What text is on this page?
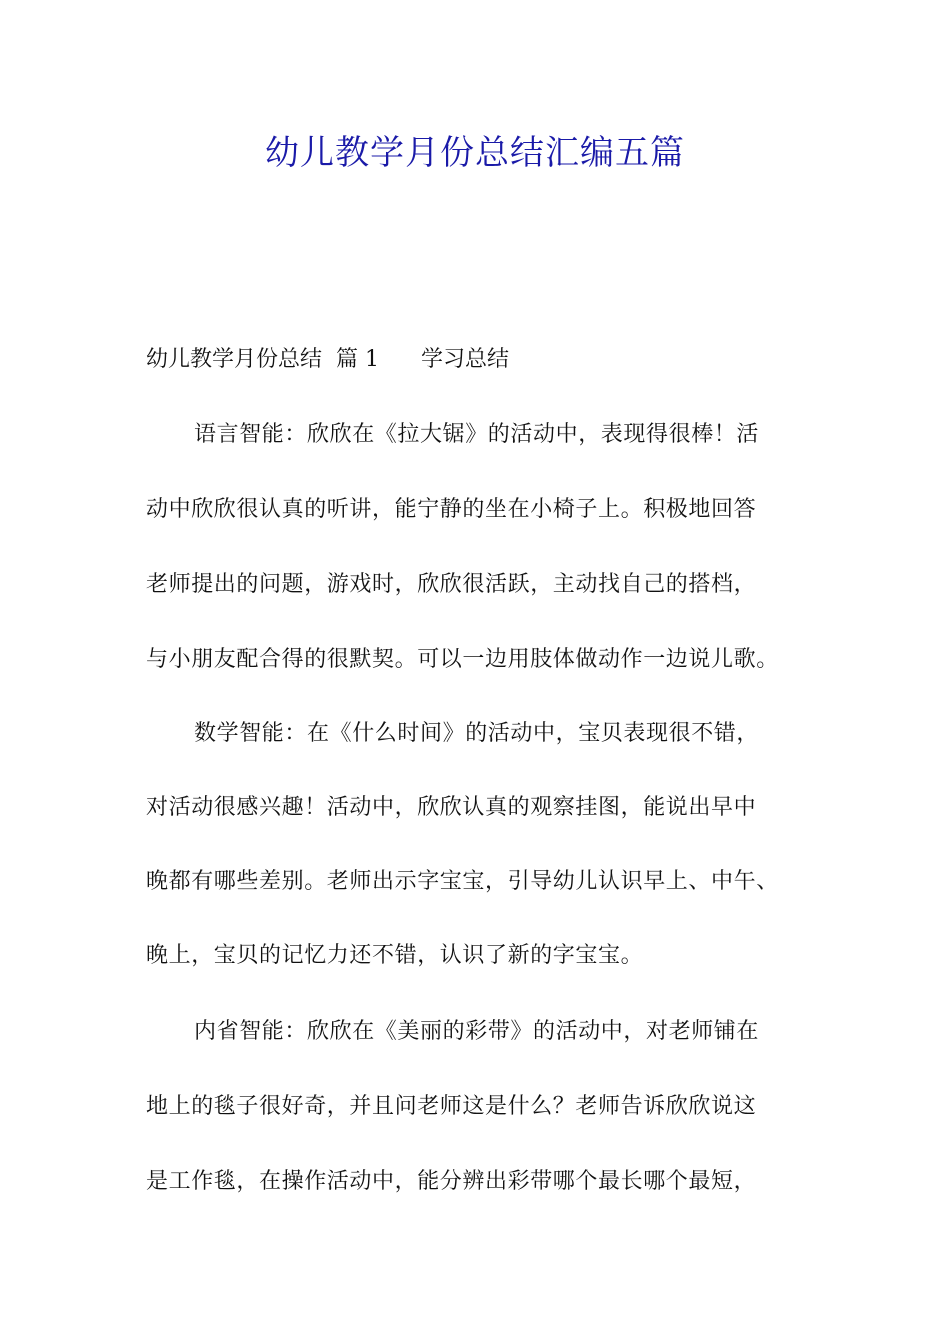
幼儿教学月份总结汇编五篇
幼儿教学月份总结 篇 1 学习总结

语言智能：欣欣在《拉大锯》的活动中，表现得很棒！活

动中欣欣很认真的听讲，能宁静的坐在小椅子上。积极地回答

老师提出的问题，游戏时，欣欣很活跃，主动找自己的搭档，

与小朋友配合得的很默契。可以一边用肢体做动作一边说儿歌。

数学智能：在《什么时间》的活动中，宝贝表现很不错，

对活动很感兴趣！活动中，欣欣认真的观察挂图，能说出早中

晚都有哪些差别。老师出示字宝宝，引导幼儿认识早上、中午、

晚上，宝贝的记忆力还不错，认识了新的字宝宝。

内省智能：欣欣在《美丽的彩带》的活动中，对老师铺在

地上的毯子很好奇，并且问老师这是什么？老师告诉欣欣说这

是工作毯，在操作活动中，能分辨出彩带哪个最长哪个最短，
